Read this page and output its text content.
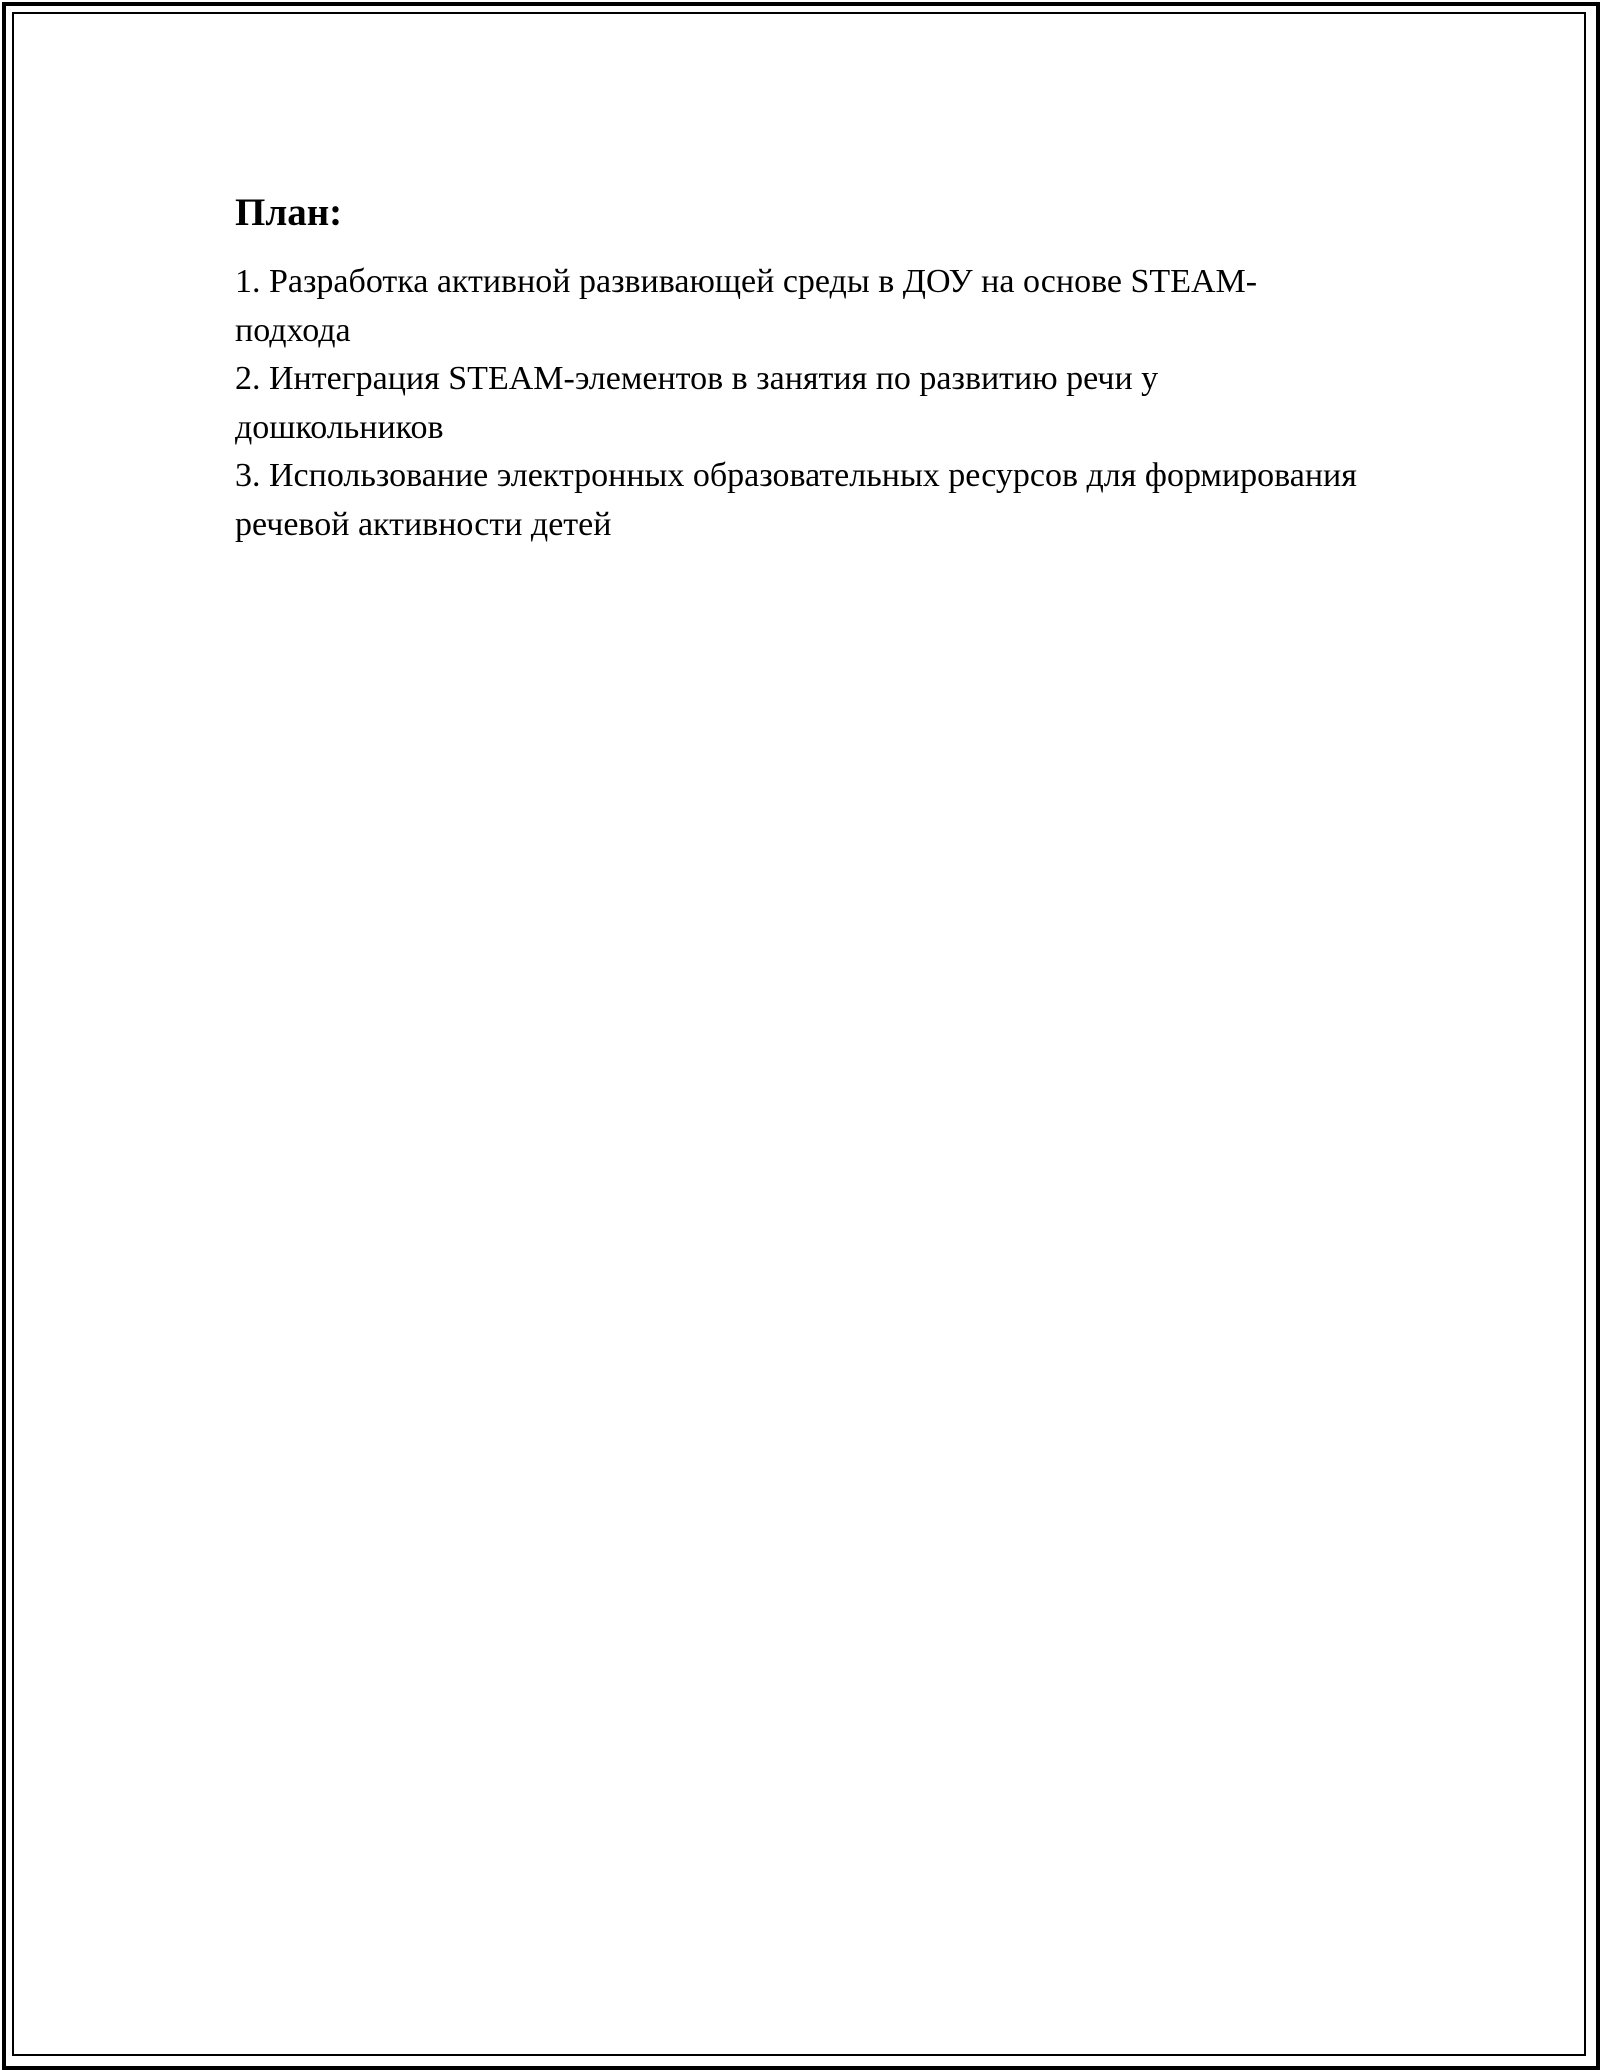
План:
1. Разработка активной развивающей среды в ДОУ на основе STEAM-подхода
2. Интеграция STEAM-элементов в занятия по развитию речи у дошкольников
3. Использование электронных образовательных ресурсов для формирования речевой активности детей
